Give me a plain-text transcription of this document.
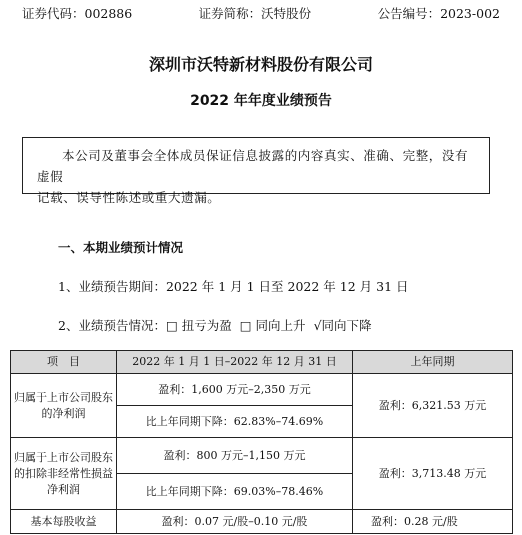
证券代码：002886	证券简称：沃特股份	公告编号：2023-002
深圳市沃特新材料股份有限公司
2022 年年度业绩预告
本公司及董事会全体成员保证信息披露的内容真实、准确、完整，没有虚假
记载、误导性陈述或重大遗漏。
一、本期业绩预计情况
1、业绩预告期间：2022 年 1 月 1 日至 2022 年 12 月 31 日
2、业绩预告情况：□ 扭亏为盈 □ 同向上升 √同向下降
项　目	2022 年 1 月 1 日–2022 年 12 月 31 日	上年同期
归属于上市公司股东的净利润	盈利：1,600 万元–2,350 万元	盈利：6,321.53 万元
	比上年同期下降：62.83%–74.69%	
归属于上市公司股东的扣除非经常性损益净利润	盈利：800 万元–1,150 万元	盈利：3,713.48 万元
	比上年同期下降：69.03%–78.46%	
基本每股收益	盈利：0.07 元/股–0.10 元/股	盈利：0.28 元/股
